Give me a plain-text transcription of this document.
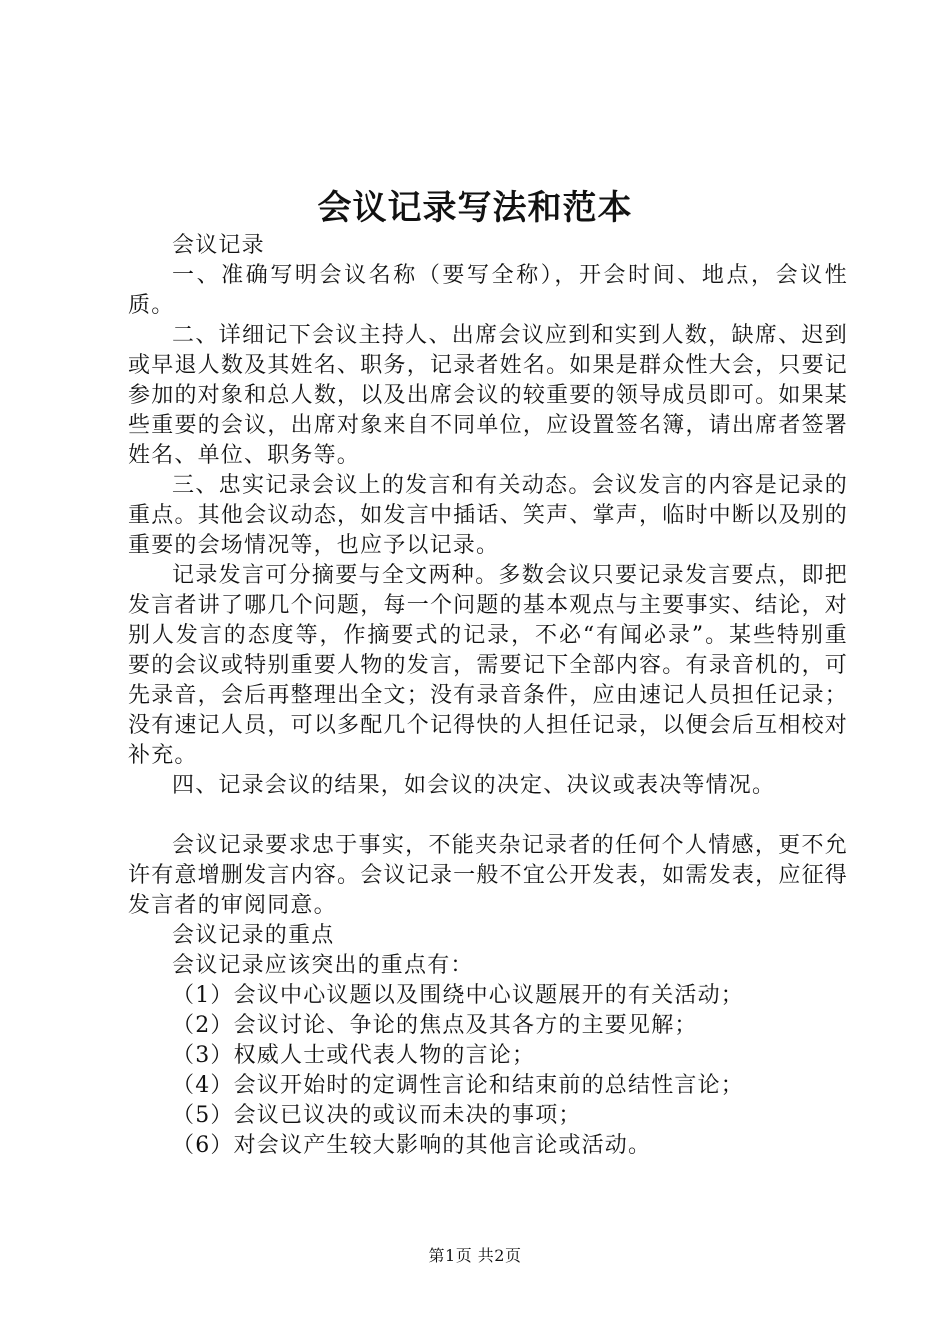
会议记录写法和范本

会议记录

一、准确写明会议名称（要写全称），开会时间、地点，会议性质。

二、详细记下会议主持人、出席会议应到和实到人数，缺席、迟到或早退人数及其姓名、职务，记录者姓名。如果是群众性大会，只要记参加的对象和总人数，以及出席会议的较重要的领导成员即可。如果某些重要的会议，出席对象来自不同单位，应设置签名簿，请出席者签署姓名、单位、职务等。

三、忠实记录会议上的发言和有关动态。会议发言的内容是记录的重点。其他会议动态，如发言中插话、笑声、掌声，临时中断以及别的重要的会场情况等，也应予以记录。

记录发言可分摘要与全文两种。多数会议只要记录发言要点，即把发言者讲了哪几个问题，每一个问题的基本观点与主要事实、结论，对别人发言的态度等，作摘要式的记录，不必“有闻必录”。某些特别重要的会议或特别重要人物的发言，需要记下全部内容。有录音机的，可先录音，会后再整理出全文；没有录音条件，应由速记人员担任记录；没有速记人员，可以多配几个记得快的人担任记录，以便会后互相校对补充。

四、记录会议的结果，如会议的决定、决议或表决等情况。

会议记录要求忠于事实，不能夹杂记录者的任何个人情感，更不允许有意增删发言内容。会议记录一般不宜公开发表，如需发表，应征得发言者的审阅同意。

会议记录的重点

会议记录应该突出的重点有：

（1）会议中心议题以及围绕中心议题展开的有关活动；

（2）会议讨论、争论的焦点及其各方的主要见解；

（3）权威人士或代表人物的言论；

（4）会议开始时的定调性言论和结束前的总结性言论；

（5）会议已议决的或议而未决的事项；

（6）对会议产生较大影响的其他言论或活动。

第1页 共2页
